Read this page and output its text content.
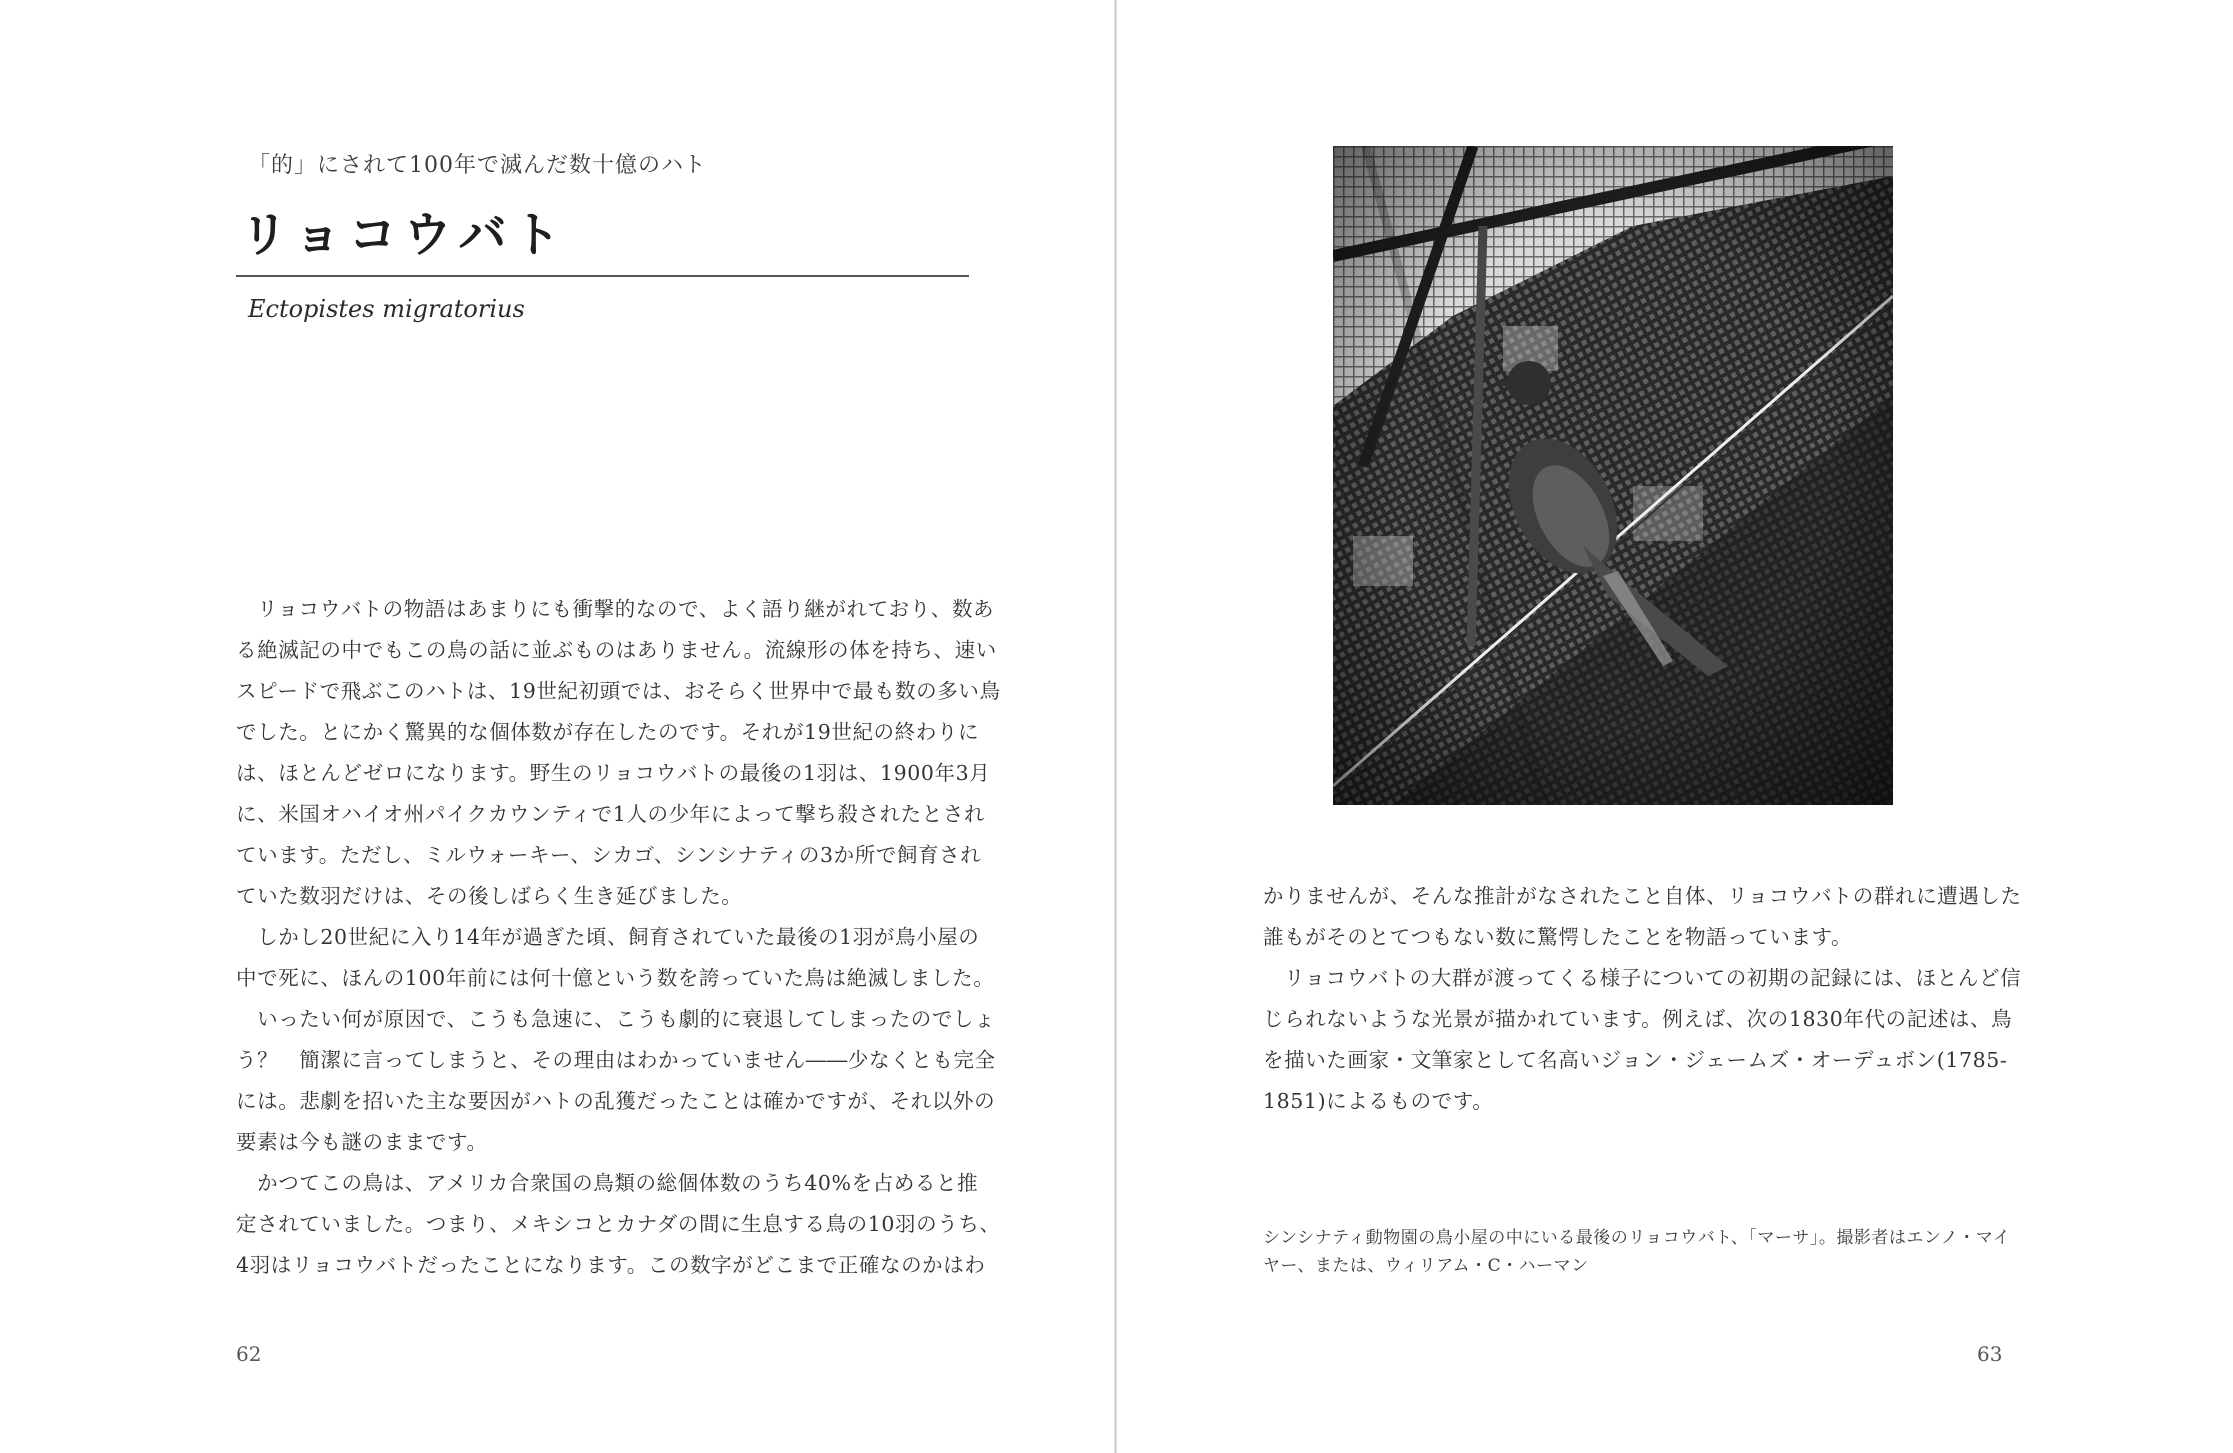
「的」にされて100年で滅んだ数十億のハト
リョコウバト
Ectopistes migratorius
　リョコウバトの物語はあまりにも衝撃的なので、よく語り継がれており、数あ
る絶滅記の中でもこの鳥の話に並ぶものはありません。流線形の体を持ち、速い
スピードで飛ぶこのハトは、19世紀初頭では、おそらく世界中で最も数の多い鳥
でした。とにかく驚異的な個体数が存在したのです。それが19世紀の終わりに
は、ほとんどゼロになります。野生のリョコウバトの最後の1羽は、1900年3月
に、米国オハイオ州パイクカウンティで1人の少年によって撃ち殺されたとされ
ています。ただし、ミルウォーキー、シカゴ、シンシナティの3か所で飼育され
ていた数羽だけは、その後しばらく生き延びました。
　しかし20世紀に入り14年が過ぎた頃、飼育されていた最後の1羽が鳥小屋の
中で死に、ほんの100年前には何十億という数を誇っていた鳥は絶滅しました。
　いったい何が原因で、こうも急速に、こうも劇的に衰退してしまったのでしょ
う？　簡潔に言ってしまうと、その理由はわかっていません――少なくとも完全
には。悲劇を招いた主な要因がハトの乱獲だったことは確かですが、それ以外の
要素は今も謎のままです。
　かつてこの鳥は、アメリカ合衆国の鳥類の総個体数のうち40%を占めると推
定されていました。つまり、メキシコとカナダの間に生息する鳥の10羽のうち、
4羽はリョコウバトだったことになります。この数字がどこまで正確なのかはわ
62
かりませんが、そんな推計がなされたこと自体、リョコウバトの群れに遭遇した
誰もがそのとてつもない数に驚愕したことを物語っています。
　リョコウバトの大群が渡ってくる様子についての初期の記録には、ほとんど信
じられないような光景が描かれています。例えば、次の1830年代の記述は、鳥
を描いた画家・文筆家として名高いジョン・ジェームズ・オーデュボン(1785-
1851)によるものです。
シンシナティ動物園の鳥小屋の中にいる最後のリョコウバト、「マーサ」。撮影者はエンノ・マイ
ヤー、または、ウィリアム・C・ハーマン
63
